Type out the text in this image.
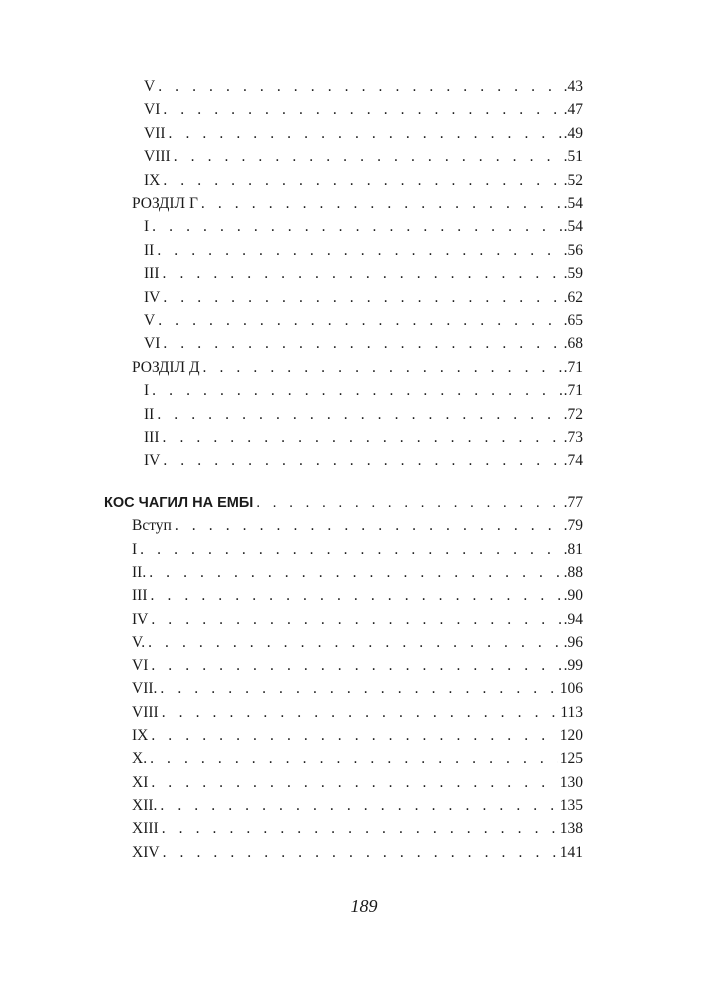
V . . .	.43
VI . . .	.47
VII . . .	.49
VIII . . .	.51
IX . . .	.52
РОЗДІЛ Г . . .	.54
I . . .	.54
II . . .	.56
III . . .	.59
IV . . .	.62
V . . .	.65
VI . . .	.68
РОЗДІЛ Д . . .	.71
I . . .	.71
II . . .	.72
III . . .	.73
IV . . .	.74
КОС ЧАГИЛ НА ЕМБІ . . .	.77
Вступ . . .	.79
I . . .	.81
II. . . .	.88
III . . .	.90
IV . . .	.94
V. . . .	.96
VI . . .	.99
VII. . . .	106
VIII . . .	113
IX . . .	120
X. . . .	125
XI . . .	130
XII. . . .	135
XIII . . .	138
XIV . . .	141
189
